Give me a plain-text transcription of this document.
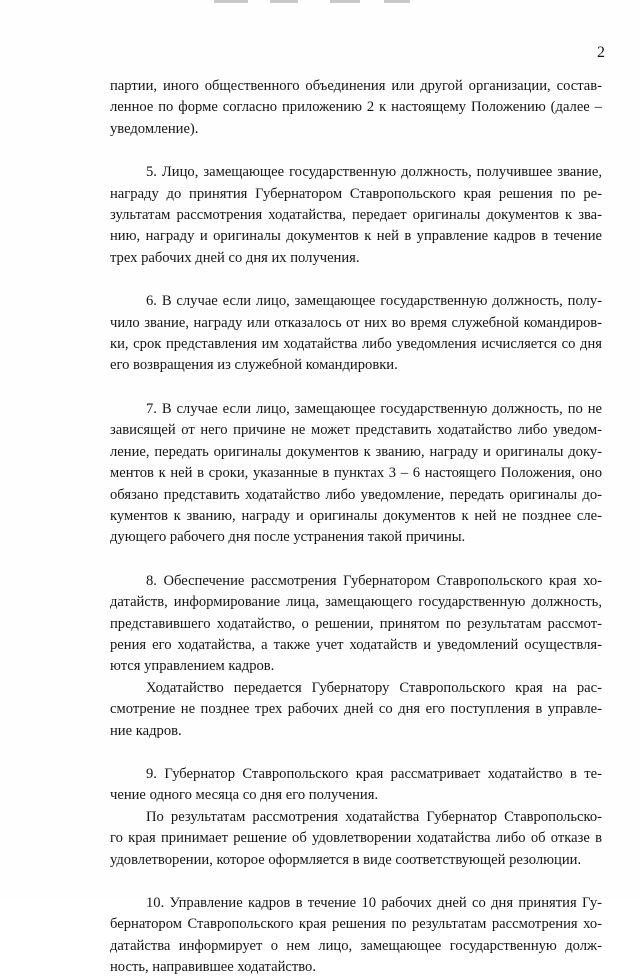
2
партии, иного общественного объединения или другой организации, состав-
ленное по форме согласно приложению 2 к настоящему Положению (далее –
уведомление).
5. Лицо, замещающее государственную должность, получившее звание,
награду до принятия Губернатором Ставропольского края решения по ре-
зультатам рассмотрения ходатайства, передает оригиналы документов к зва-
нию, награду и оригиналы документов к ней в управление кадров в течение
трех рабочих дней со дня их получения.
6. В случае если лицо, замещающее государственную должность, полу-
чило звание, награду или отказалось от них во время служебной командиров-
ки, срок представления им ходатайства либо уведомления исчисляется со дня
его возвращения из служебной командировки.
7. В случае если лицо, замещающее государственную должность, по не
зависящей от него причине не может представить ходатайство либо уведом-
ление, передать оригиналы документов к званию, награду и оригиналы доку-
ментов к ней в сроки, указанные в пунктах 3 – 6 настоящего Положения, оно
обязано представить ходатайство либо уведомление, передать оригиналы до-
кументов к званию, награду и оригиналы документов к ней не позднее сле-
дующего рабочего дня после устранения такой причины.
8. Обеспечение рассмотрения Губернатором Ставропольского края хо-
датайств, информирование лица, замещающего государственную должность,
представившего ходатайство, о решении, принятом по результатам рассмот-
рения его ходатайства, а также учет ходатайств и уведомлений осуществля-
ются управлением кадров.
Ходатайство передается Губернатору Ставропольского края на рас-
смотрение не позднее трех рабочих дней со дня его поступления в управле-
ние кадров.
9. Губернатор Ставропольского края рассматривает ходатайство в те-
чение одного месяца со дня его получения.
По результатам рассмотрения ходатайства Губернатор Ставропольско-
го края принимает решение об удовлетворении ходатайства либо об отказе в
удовлетворении, которое оформляется в виде соответствующей резолюции.
10. Управление кадров в течение 10 рабочих дней со дня принятия Гу-
бернатором Ставропольского края решения по результатам рассмотрения хо-
датайства информирует о нем лицо, замещающее государственную долж-
ность, направившее ходатайство.
